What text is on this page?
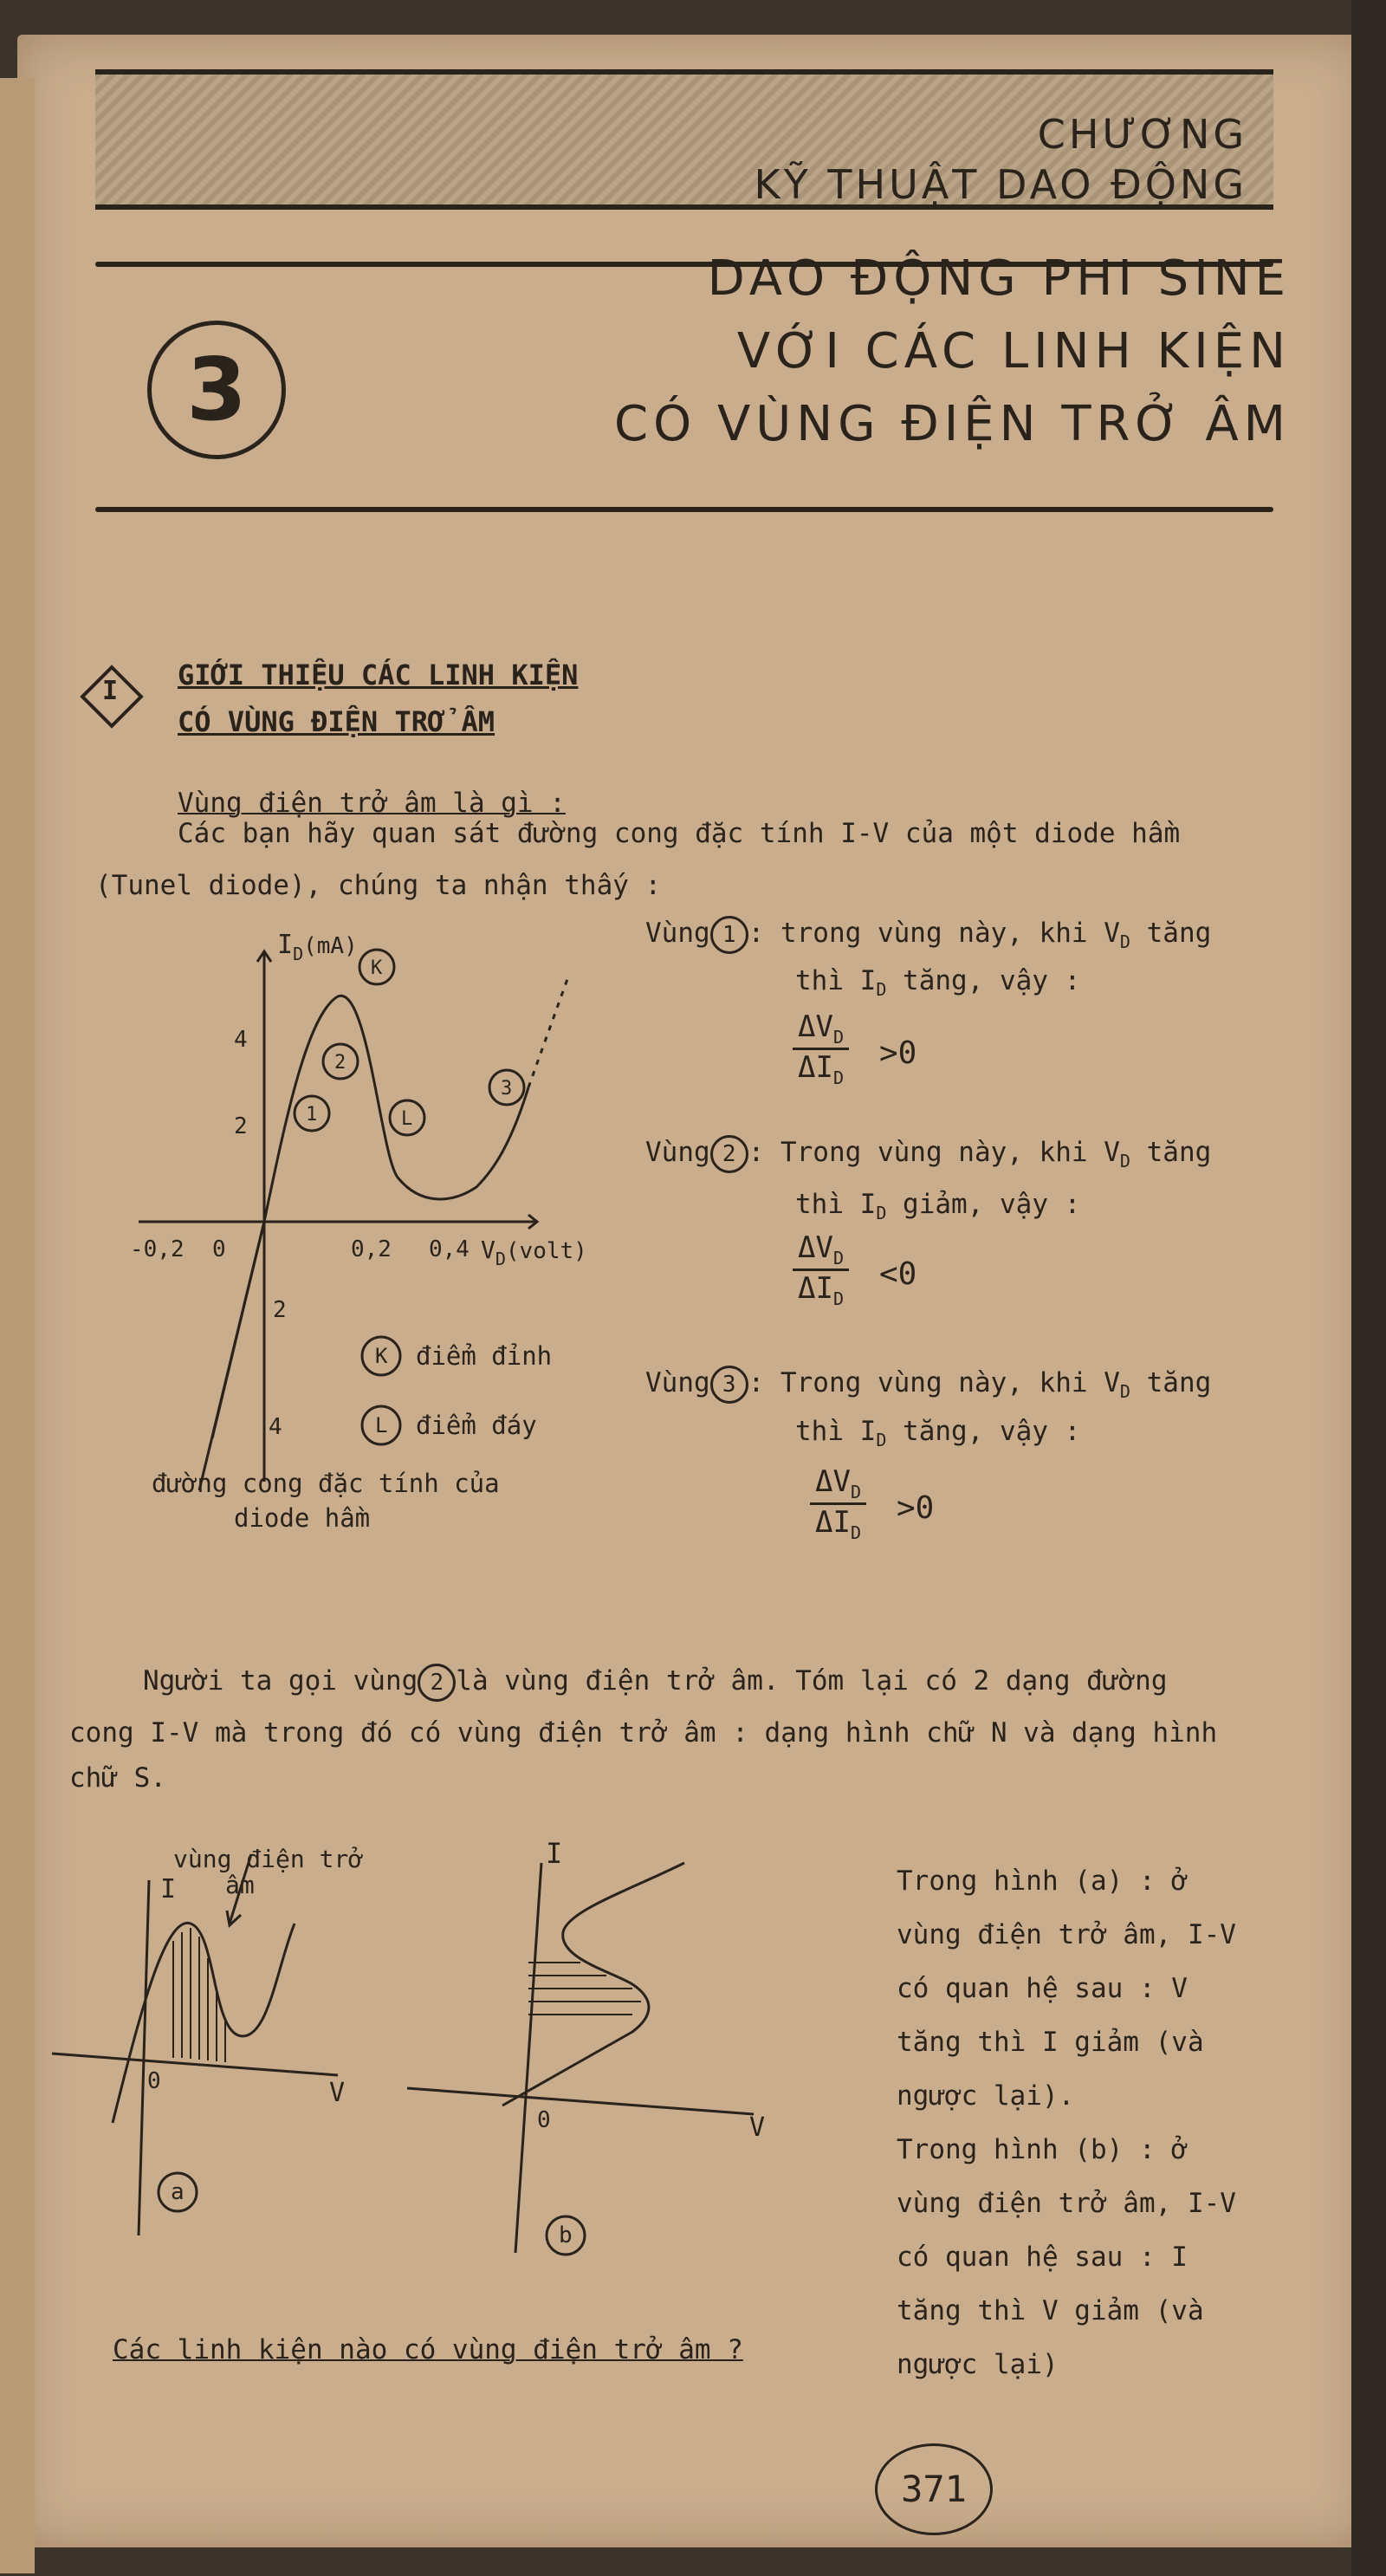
CHƯƠNG
KỸ THUẬT DAO ĐỘNG
3
DAO ĐỘNG PHI SINE
VỚI CÁC LINH KIỆN
CÓ VÙNG ĐIỆN TRỞ ÂM
I GIỚI THIỆU CÁC LINH KIỆN
CÓ VÙNG ĐIỆN TRỞ ÂM
Vùng điện trở âm là gì :
Các bạn hãy quan sát đường cong đặc tính I-V của một diode hầm
(Tunel diode), chúng ta nhận thấy :
$I_D(mA)$
$V_D(volt)$
-0,2 0	0,2 0,4
4
2
2
4
1
2
3
K
L
K
L
điểm đỉnh
điểm đáy
đường cong đặc tính của
diode hầm
Vùng 1 : trong vùng này, khi $V_D$ tăng
thì $I_D$ tăng, vậy :
$\Delta V_D$
$\Delta I_D$
>0
Vùng 2 : Trong vùng này, khi $V_D$ tăng
thì $I_D$ giảm, vậy :
$\Delta V_D$
$\Delta I_D$
<0
Vùng 3 : Trong vùng này, khi $V_D$ tăng
thì $I_D$ tăng, vậy :
$\Delta V_D$
$\Delta I_D$
>0
Người ta gọi vùng 2 là vùng điện trở âm. Tóm lại có 2 dạng đường
cong I-V mà trong đó có vùng điện trở âm : dạng hình chữ N và dạng hình
chữ S.
vùng điện trở
âm
I
V
0
a
I
V
0
b
Trong hình (a) : ở
vùng điện trở âm, I-V
có quan hệ sau : V
tăng thì I giảm (và
ngược lại).
Trong hình (b) : ở
vùng điện trở âm, I-V
có quan hệ sau : I
tăng thì V giảm (và
ngược lại)
Các linh kiện nào có vùng điện trở âm ?
371
